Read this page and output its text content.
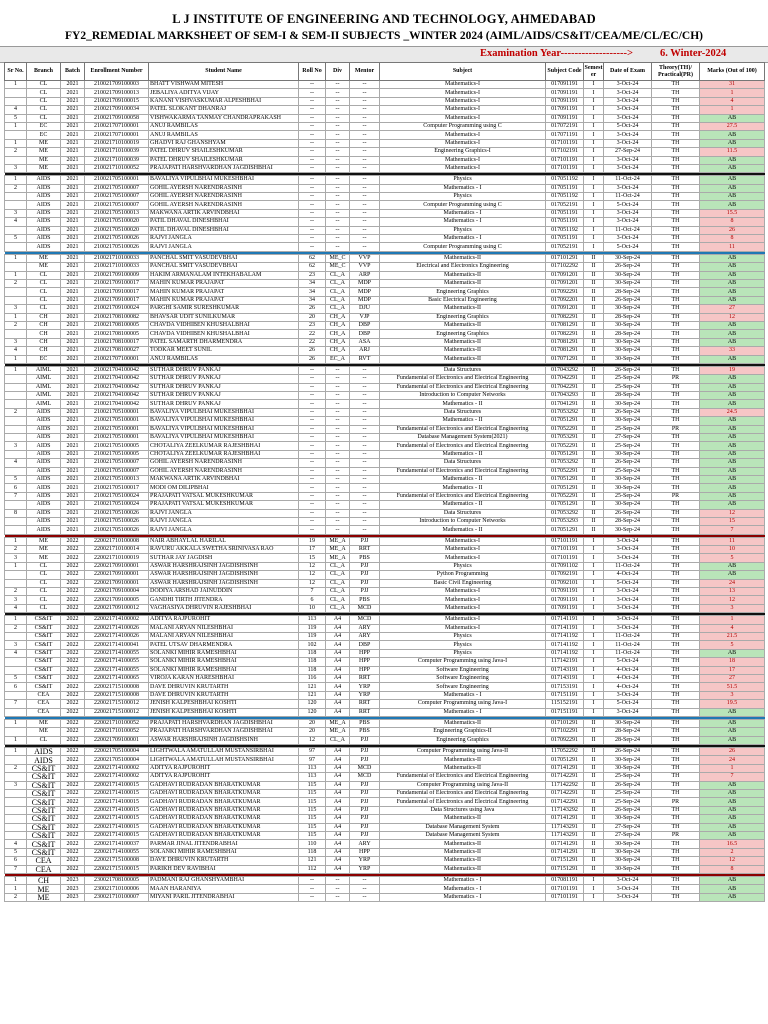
L J INSTITUTE OF ENGINEERING AND TECHNOLOGY, AHMEDABAD
FY2_REMEDIAL MARKSHEET OF SEM-I & SEM-II SUBJECTS _WINTER 2024 (AIML/AIDS/CS&IT/CEA/ME/CL/EC/CH)
Examination Year------------------->	6. Winter-2024
Sr No.	Branch	Batch	Enrollment Number	Student Name	Roll No	Div	Mentor	Subject	Subject Code	Semest er	Date of Exam	Theory(TH)/ Practical(PR)	Marks (Out of 100)
1	CL	2021	210021709100003	BHATT VISHWAM MITESH	--	--	--	Mathematics-I	017091191	I	3-Oct-24	TH	31
	CL	2021	210021709100013	JEBALIYA ADITYA VIJAY	--	--	--	Mathematics-I	017091191	I	3-Oct-24	TH	1
	CL	2021	210021709100015	KANANI VISHVASKUMAR ALPESHBHAI	--	--	--	Mathematics-I	017091191	I	3-Oct-24	TH	4
4	CL	2021	210021709100034	PATEL SLOKANT DHANRAJ	--	--	--	Mathematics-I	017091191	I	3-Oct-24	TH	1
5	CL	2021	210021709100058	VISHWAKARMA TANMAY CHANDRAPRAKASH	--	--	--	Mathematics-I	017091191	I	3-Oct-24	TH	AB
1	EC	2021	210021707100001	ANUJ RAMBILAS	--	--	--	Computer Programming using C	017072191	I	5-Oct-24	TH	27.5
	EC	2021	210021707100001	ANUJ RAMBILAS	--	--	--	Mathematics-I	017071191	I	3-Oct-24	TH	AB
1	ME	2021	210021710100019	GHADVI RAJ GHANSHYAM	--	--	--	Mathematics-I	017101191	I	3-Oct-24	TH	AB
2	ME	2021	210021710100039	PATEL DHRUV SHAILESHKUMAR	--	--	--	Engineering Graphics-I	017102191	I	27-Sep-24	TH	11.5
	ME	2021	210021710100039	PATEL DHRUV SHAILESHKUMAR	--	--	--	Mathematics-I	017101191	I	3-Oct-24	TH	AB
3	ME	2021	210021710100052	PRAJAPATI HARSHVARDHAN JAGDISHBHAI	--	--	--	Mathematics-I	017101191	I	3-Oct-24	TH	AB

1	AIDS	2021	210021705100001	BAVALIYA VIPULBHAI MUKESHBHAI	--	--	--	Physics	017051192	I	11-Oct-24	TH	AB
2	AIDS	2021	210021705100007	GOHIL AYERSH NARENDRASINH	--	--	--	Mathematics - I	017051191	I	3-Oct-24	TH	AB
	AIDS	2021	210021705100007	GOHIL AYERSH NARENDRASINH	--	--	--	Physics	017051192	I	11-Oct-24	TH	AB
	AIDS	2021	210021705100007	GOHIL AYERSH NARENDRASINH	--	--	--	Computer Programming using C	017052191	I	5-Oct-24	TH	AB
3	AIDS	2021	210021705100013	MAKWANA ARTIK ARVINDBHAI	--	--	--	Mathematics - I	017051191	I	3-Oct-24	TH	15.5
4	AIDS	2021	210021705100020	PATIL DHAVAL DINESHBHAI	--	--	--	Mathematics - I	017051191	I	3-Oct-24	TH	8
	AIDS	2021	210021705100020	PATIL DHAVAL DINESHBHAI	--	--	--	Physics	017051192	I	11-Oct-24	TH	26
5	AIDS	2021	210021705100026	RAJVI JANGLA	--	--	--	Mathematics - I	017051191	I	3-Oct-24	TH	8
	AIDS	2021	210021705100026	RAJVI JANGLA	--	--	--	Computer Programming using C	017052191	I	5-Oct-24	TH	11

1	ME	2021	210021710100033	PANCHAL SMIT VASUDEVBHAI	62	ME_C	VVP	Mathematics-II	017101291	II	30-Sep-24	TH	AB
	ME	2021	210021710100033	PANCHAL SMIT VASUDEVBHAI	62	ME_C	VVP	Electrical and Electronics Engineering	017102292	II	26-Sep-24	TH	AB
1	CL	2021	210021709100009	HAKIM ARMANALAM INTEKHABALAM	23	CL_A	ARP	Mathematics-II	017091201	II	30-Sep-24	TH	AB
2	CL	2021	210021709100017	MAHIN KUMAR PRAJAPAT	34	CL_A	MDP	Mathematics-II	017091201	II	30-Sep-24	TH	AB
	CL	2021	210021709100017	MAHIN KUMAR PRAJAPAT	34	CL_A	MDP	Engineering Graphics	017092291	II	28-Sep-24	TH	AB
	CL	2021	210021709100017	MAHIN KUMAR PRAJAPAT	34	CL_A	MDP	Basic Electrical Engineering	017092201	II	26-Sep-24	TH	AB
3	CL	2021	210021709100024	PARGHI SAMIR SURESHKUMAR	26	CL_A	DJU	Mathematics-II	017091201	II	30-Sep-24	TH	27
1	CH	2021	210021708100082	BHAVSAR UDIT SUNILKUMAR	20	CH_A	VJP	Engineering Graphics	017082291	II	28-Sep-24	TH	12
2	CH	2021	210021708100005	CHAVDA VIDHIBEN KHUSHALBHAI	23	CH_A	DBP	Mathematics-II	017081291	II	30-Sep-24	TH	AB
	CH	2021	210021708100005	CHAVDA VIDHIBEN KHUSHALBHAI	22	CH_A	DBP	Engineering Graphics	017082291	II	28-Sep-24	TH	AB
3	CH	2021	210021708100017	PATEL SAMARTH DHARMENDRA	22	CH_A	ASA	Mathematics-II	017081291	II	30-Sep-24	TH	AB
4	CH	2021	210021708100027	TODKAR MEET SUNIL	26	CH_A	ARJ	Mathematics-II	017081291	II	30-Sep-24	TH	33
1	EC	2021	210021707100001	ANUJ RAMBILAS	26	EC_A	RVT	Mathematics-II	017071291	II	30-Sep-24	TH	AB

1	AIML	2021	210021704100042	SUTHAR DHRUV PANKAJ	--	--	--	Data Structures	017043292	II	26-Sep-24	TH	19
	AIML	2021	210021704100042	SUTHAR DHRUV PANKAJ	--	--	--	Fundamental of Electronics and Electrical Engineering	017042291	II	25-Sep-24	PR	AB
	AIML	2021	210021704100042	SUTHAR DHRUV PANKAJ	--	--	--	Fundamental of Electronics and Electrical Engineering	017042291	II	25-Sep-24	TH	AB
	AIML	2021	210021704100042	SUTHAR DHRUV PANKAJ	--	--	--	Introduction to Computer Networks	017043293	II	28-Sep-24	TH	AB
	AIML	2021	210021704100042	SUTHAR DHRUV PANKAJ	--	--	--	Mathematics - II	017041291	II	30-Sep-24	TH	AB
2	AIDS	2021	210021705100001	BAVALIYA VIPULBHAI MUKESHBHAI	--	--	--	Data Structures	017053292	II	26-Sep-24	TH	24.5
	AIDS	2021	210021705100001	BAVALIYA VIPULBHAI MUKESHBHAI	--	--	--	Mathematics - II	017051291	II	30-Sep-24	TH	AB
	AIDS	2021	210021705100001	BAVALIYA VIPULBHAI MUKESHBHAI	--	--	--	Fundamental of Electronics and Electrical Engineering	017052291	II	25-Sep-24	PR	AB
	AIDS	2021	210021705100001	BAVALIYA VIPULBHAI MUKESHBHAI	--	--	--	Database Management System(2021)	017053291	II	27-Sep-24	TH	AB
3	AIDS	2021	210021705100005	CHOTALIYA ZEELKUMAR RAJESHBHAI	--	--	--	Fundamental of Electronics and Electrical Engineering	017052291	II	25-Sep-24	TH	AB
	AIDS	2021	210021705100005	CHOTALIYA ZEELKUMAR RAJESHBHAI	--	--	--	Mathematics - II	017051291	II	30-Sep-24	TH	AB
4	AIDS	2021	210021705100007	GOHIL AYERSH NARENDRASINH	--	--	--	Data Structures	017053292	II	26-Sep-24	TH	AB
	AIDS	2021	210021705100007	GOHIL AYERSH NARENDRASINH	--	--	--	Fundamental of Electronics and Electrical Engineering	017052291	II	25-Sep-24	TH	AB
5	AIDS	2021	210021705100013	MAKWANA ARTIK ARVINDBHAI	--	--	--	Mathematics - II	017051291	II	30-Sep-24	TH	AB
6	AIDS	2021	210021705100017	MODI OM DILIPBHAI	--	--	--	Mathematics - II	017051291	II	30-Sep-24	TH	AB
7	AIDS	2021	210021705100024	PRAJAPATI VATSAL MUKESHKUMAR	--	--	--	Fundamental of Electronics and Electrical Engineering	017052291	II	25-Sep-24	PR	AB
	AIDS	2021	210021705100024	PRAJAPATI VATSAL MUKESHKUMAR	--	--	--	Mathematics - II	017051291	II	30-Sep-24	TH	AB
8	AIDS	2021	210021705100026	RAJVI JANGLA	--	--	--	Data Structures	017053292	II	26-Sep-24	TH	12
	AIDS	2021	210021705100026	RAJVI JANGLA	--	--	--	Introduction to Computer Networks	017053293	II	28-Sep-24	TH	15
	AIDS	2021	210021705100026	RAJVI JANGLA	--	--	--	Mathematics - II	017051291	II	30-Sep-24	TH	7

1	ME	2022	220021710100008	NAIR ABHAYLAL HARILAL	19	ME_A	PJJ	Mathematics-I	017101191	I	3-Oct-24	TH	11
2	ME	2022	220021710100014	RAVURU AKKALA SWETHA SRINIVASA RAO	17	ME_A	RRT	Mathematics-I	017101191	I	3-Oct-24	TH	10
3	ME	2022	220021710100019	SUTHAR JAY JAGDISH	15	ME_A	PBS	Mathematics-I	017101191	I	3-Oct-24	TH	5
1	CL	2022	220021709100001	ASWAR HARSHRAJSINH JAGDISHSINH	12	CL_A	PJJ	Physics	017091102	I	11-Oct-24	TH	AB
	CL	2022	220021709100001	ASWAR HARSHRAJSINH JAGDISHSINH	12	CL_A	PJJ	Python Programming	017092191	I	4-Oct-24	TH	AB
	CL	2022	220021709100001	ASWAR HARSHRAJSINH JAGDISHSINH	12	CL_A	PJJ	Basic Civil Engineering	017092101	I	5-Oct-24	TH	24
2	CL	2022	220021709100004	DODIYA ARSHAD JAINUDDIN	7	CL_A	PJJ	Mathematics-I	017091191	I	3-Oct-24	TH	13
3	CL	2022	220021709100005	GANDHI TIRTH JITENDRA	6	CL_A	PBS	Mathematics-I	017091191	I	3-Oct-24	TH	12
4	CL	2022	220021709100012	VAGHASIYA DHRUVIN RAJESHBHAI	10	CL_A	MCD	Mathematics-I	017091191	I	3-Oct-24	TH	3

1	CS&IT	2022	220021714100002	ADITYA RAJPUROHIT	113	A4	MCD	Mathematics-I	017141191	I	3-Oct-24	TH	1
2	CS&IT	2022	220021714100026	MALANI ARYAN NILESHBHAI	119	A4	ARY	Mathematics-I	017141191	I	3-Oct-24	TH	4
	CS&IT	2022	220021714100026	MALANI ARYAN NILESHBHAI	119	A4	ARY	Physics	017141192	I	11-Oct-24	TH	21.5
3	CS&IT	2022	220021714100041	PATEL UTSAV DHARMENDRA	102	A4	DBP	Physics	017141192	I	11-Oct-24	TH	5
4	CS&IT	2022	220021714100055	SOLANKI MIHIR RAMESHBHAI	118	A4	HPP	Physics	017141192	I	11-Oct-24	TH	AB
	CS&IT	2022	220021714100055	SOLANKI MIHIR RAMESHBHAI	118	A4	HPP	Computer Programming using Java-I	117142191	I	5-Oct-24	TH	18
	CS&IT	2022	220021714100055	SOLANKI MIHIR RAMESHBHAI	118	A4	HPP	Software Engineering	017143191	I	4-Oct-24	TH	17
5	CS&IT	2022	220021714100065	VIROJA KARAN HARESHBHAI	116	A4	RRT	Software Engineering	017143191	I	4-Oct-24	TH	27
6	CS&IT	2022	220021715100008	DAVE DHRUVIN KRUTARTH	121	A4	YRP	Software Engineering	017153191	I	4-Oct-24	TH	51.5
	CEA	2022	220021715100008	DAVE DHRUVIN KRUTARTH	121	A4	YRP	Mathematics - I	017151191	I	3-Oct-24	TH	3
7	CEA	2022	220021715100012	JENISH KALPESHBHAI KOSHTI	120	A4	RRT	Computer Programming using Java-I	115152191	I	5-Oct-24	TH	19.5
	CEA	2022	220021715100012	JENISH KALPESHBHAI KOSHTI	120	A4	RRT	Mathematics - I	017151191	I	3-Oct-24	TH	AB

1	ME	2022	220021710100052	PRAJAPATI HARSHVARDHAN JAGDISHBHAI	20	ME_A	PBS	Mathematics-II	017101291	II	30-Sep-24	TH	AB
	ME	2022	220021710100052	PRAJAPATI HARSHVARDHAN JAGDISHBHAI	20	ME_A	PBS	Engineering Graphics-II	017102291	II	28-Sep-24	TH	AB
1	CL	2022	220021709100001	ASWAR HARSHRAJSINH JAGDISHSINH	12	CL_A	PJJ	Engineering Graphics	017092291	II	28-Sep-24	TH	AB

1	AIDS	2022	220021705100004	LIGHTWALA AMATULLAH MUSTANSIRBHAI	97	A4	PJJ	Computer Programming using Java-II	117052292	II	26-Sep-24	TH	26
	AIDS	2022	220021705100004	LIGHTWALA AMATULLAH MUSTANSIRBHAI	97	A4	PJJ	Mathematics-II	017051291	II	30-Sep-24	TH	24
2	CS&IT	2022	220021714100002	ADITYA RAJPUROHIT	113	A4	MCD	Mathematics-II	017141291	II	30-Sep-24	TH	1
	CS&IT	2022	220021714100002	ADITYA RAJPUROHIT	113	A4	MCD	Fundamental of Electronics and Electrical Engineering	017142291	II	25-Sep-24	TH	7
3	CS&IT	2022	220021714100015	GADHAVI RUDRADAN BHARATKUMAR	115	A4	PJJ	Computer Programming using Java-II	117142292	II	26-Sep-24	TH	AB
	CS&IT	2022	220021714100015	GADHAVI RUDRADAN BHARATKUMAR	115	A4	PJJ	Fundamental of Electronics and Electrical Engineering	017142291	II	25-Sep-24	TH	AB
	CS&IT	2022	220021714100015	GADHAVI RUDRADAN BHARATKUMAR	115	A4	PJJ	Fundamental of Electronics and Electrical Engineering	017142291	II	25-Sep-24	PR	AB
	CS&IT	2022	220021714100015	GADHAVI RUDRADAN BHARATKUMAR	115	A4	PJJ	Data Structures using Java	117143292	II	26-Sep-24	TH	AB
	CS&IT	2022	220021714100015	GADHAVI RUDRADAN BHARATKUMAR	115	A4	PJJ	Mathematics-II	017141291	II	30-Sep-24	TH	AB
	CS&IT	2022	220021714100015	GADHAVI RUDRADAN BHARATKUMAR	115	A4	PJJ	Database Management System	117143291	II	27-Sep-24	TH	AB
	CS&IT	2022	220021714100015	GADHAVI RUDRADAN BHARATKUMAR	115	A4	PJJ	Database Management System	117143291	II	27-Sep-24	PR	AB
4	CS&IT	2022	220021714100037	PARMAR JINAL JITENDRABHAI	110	A4	ARY	Mathematics-II	017141291	II	30-Sep-24	TH	16.5
5	CS&IT	2022	220021714100055	SOLANKI MIHIR RAMESHBHAI	118	A4	HPP	Mathematics-II	017141291	II	30-Sep-24	TH	2
6	CEA	2022	220021715100008	DAVE DHRUVIN KRUTARTH	121	A4	YRP	Mathematics-II	017151291	II	30-Sep-24	TH	12
7	CEA	2022	220021715100015	PARIKH DEV RAVIBHAI	112	A4	YRP	Mathematics-II	017151291	II	30-Sep-24	TH	8

1	CH	2023	230021708100005	PADMANI RAJ GHANSHYAMBHAI	--	--	--	Mathematics - I	017081191	I	3-Oct-24	TH	AB
1	ME	2023	230021710100006	MAAN HARANIYA	--	--	--	Mathematics - I	017101191	I	3-Oct-24	TH	AB
2	ME	2023	230021710100007	MIYANI PARIL JITENDRABHAI	--	--	--	Mathematics - I	017101191	I	3-Oct-24	TH	AB
